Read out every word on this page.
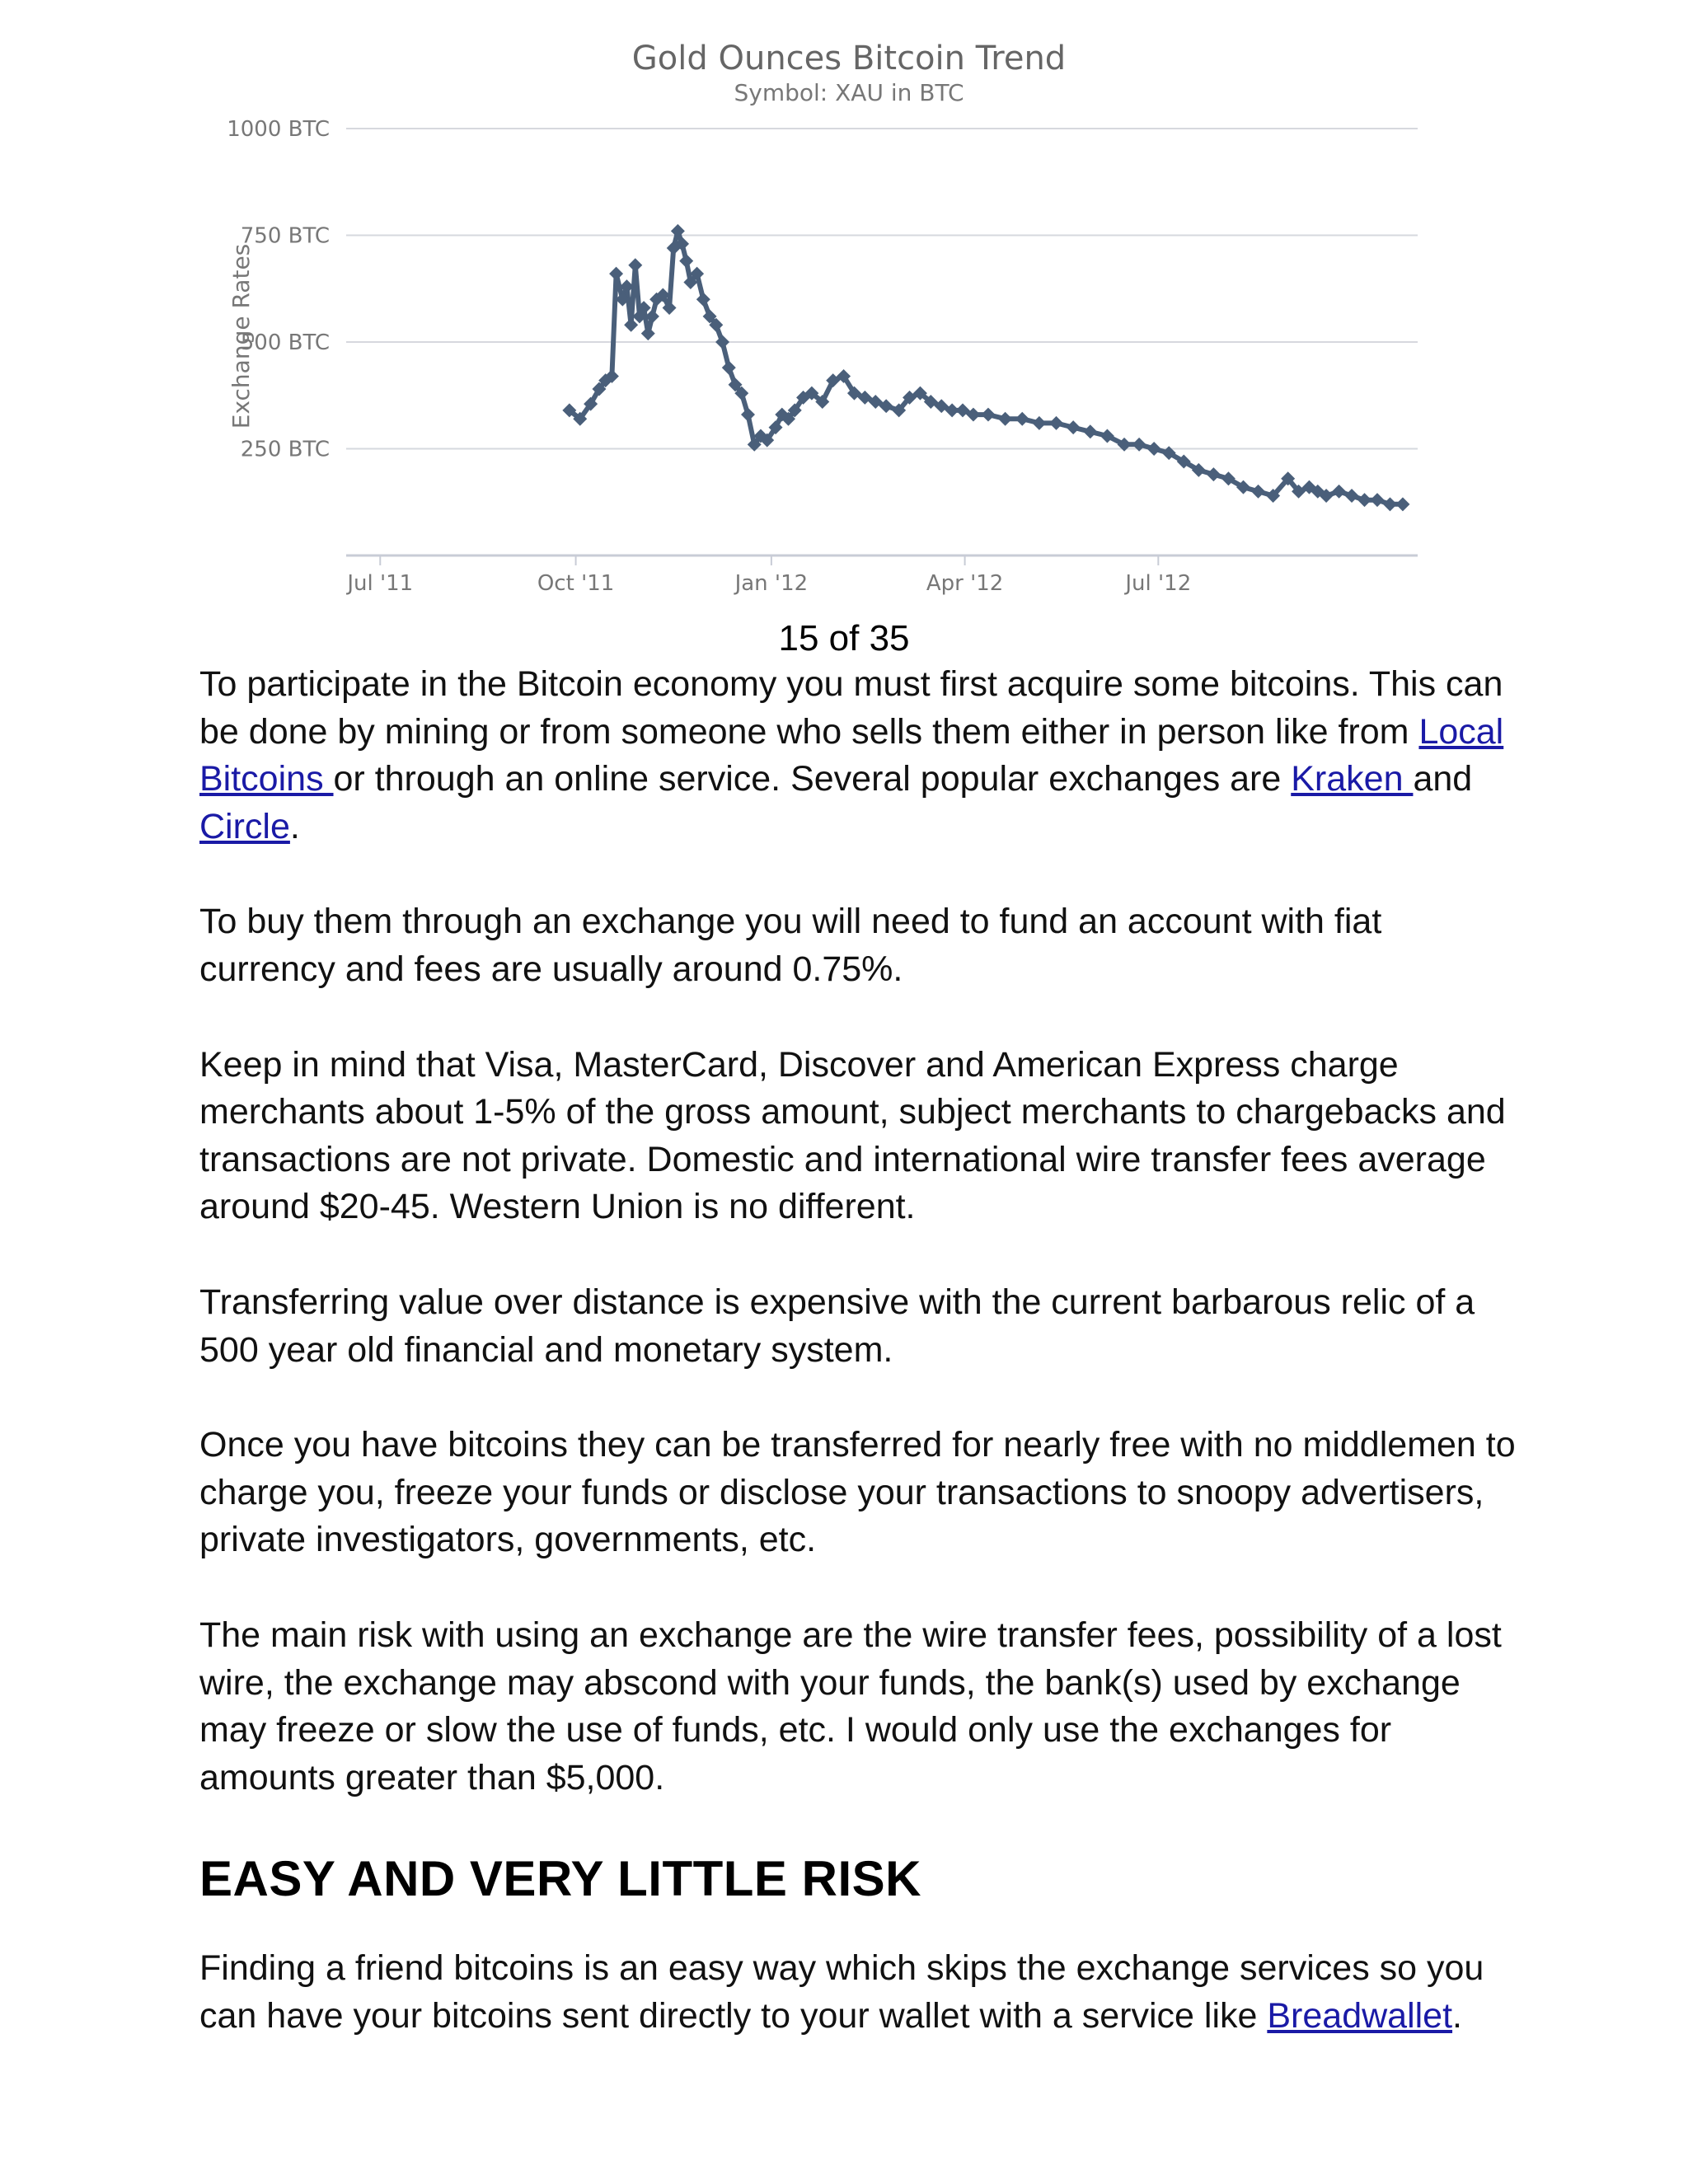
Gold Ounces Bitcoin Trend
Symbol: XAU in BTC
1000 BTC
750 BTC
500 BTC
250 BTC
Jul '11	Oct '11	Jan '12	Apr '12	Jul '12
Exchange Rates
15 of 35

To participate in the Bitcoin economy you must first acquire some bitcoins. This can be done by mining or from someone who sells them either in person like from Local Bitcoins or through an online service. Several popular exchanges are Kraken and Circle.

To buy them through an exchange you will need to fund an account with fiat currency and fees are usually around 0.75%.

Keep in mind that Visa, MasterCard, Discover and American Express charge merchants about 1-5% of the gross amount, subject merchants to chargebacks and transactions are not private. Domestic and international wire transfer fees average around $20-45. Western Union is no different.

Transferring value over distance is expensive with the current barbarous relic of a 500 year old financial and monetary system.

Once you have bitcoins they can be transferred for nearly free with no middlemen to charge you, freeze your funds or disclose your transactions to snoopy advertisers, private investigators, governments, etc.

The main risk with using an exchange are the wire transfer fees, possibility of a lost wire, the exchange may abscond with your funds, the bank(s) used by exchange may freeze or slow the use of funds, etc. I would only use the exchanges for amounts greater than $5,000.

EASY AND VERY LITTLE RISK

Finding a friend bitcoins is an easy way which skips the exchange services so you can have your bitcoins sent directly to your wallet with a service like Breadwallet.
